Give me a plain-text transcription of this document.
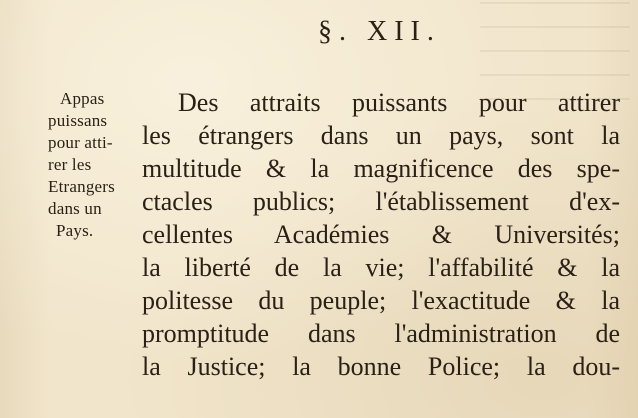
§. XII.
Appas
puissans
pour atti-
rer les
Etrangers
dans un
Pays.
Des attraits puissants pour attirer
les étrangers dans un pays, sont la
multitude & la magnificence des spe-
ctacles publics; l'établissement d'ex-
cellentes Académies & Universités;
la liberté de la vie; l'affabilité & la
politesse du peuple; l'exactitude & la
promptitude dans l'administration de
la Justice; la bonne Police; la dou-
